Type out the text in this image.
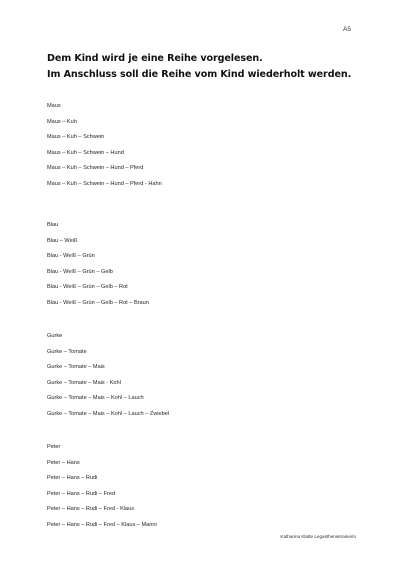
A5
Dem Kind wird je eine Reihe vorgelesen.
Im Anschluss soll die Reihe vom Kind wiederholt werden.
Maus
Maus – Kuh
Maus – Kuh – Schwein
Maus – Kuh – Schwein – Hund
Maus – Kuh – Schwein – Hund – Pferd
Maus – Kuh – Schwein – Hund – Pferd - Hahn
Blau
Blau – Weiß
Blau - Weiß – Grün
Blau - Weiß – Grün – Gelb
Blau - Weiß – Grün – Gelb – Rot
Blau - Weiß – Grün – Gelb – Rot – Braun
Gurke
Gurke – Tomate
Gurke – Tomate – Mais
Gurke – Tomate – Mais - Kohl
Gurke – Tomate – Mais – Kohl – Lauch
Gurke – Tomate – Mais – Kohl – Lauch – Zwiebel
Peter
Peter – Hans
Peter – Hans – Rudi
Peter – Hans – Rudi – Fred
Peter – Hans – Rudi – Fred - Klaus
Peter – Hans – Rudi – Fred – Klaus – Manni
Katharina Klatte Legasthenietrainerin
